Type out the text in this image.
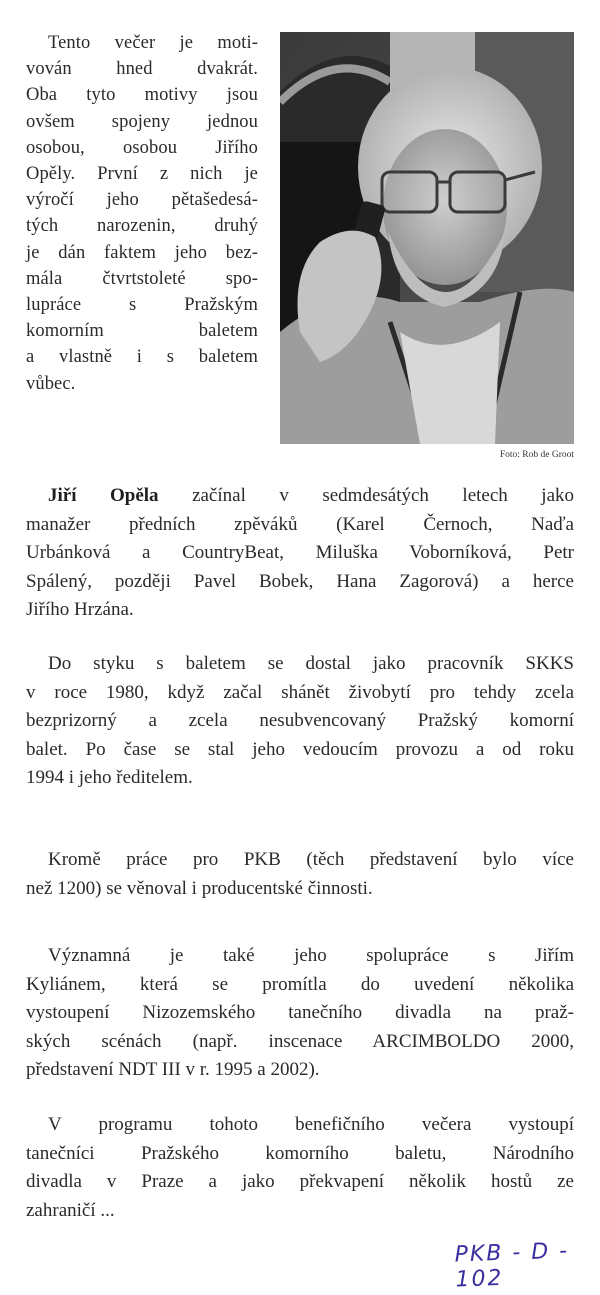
Tento večer je moti-
vován hned dvakrát.
Oba tyto motivy jsou
ovšem spojeny jednou
osobou, osobou Jiřího
Opěly. První z nich je
výročí jeho pětašedesá-
tých narozenin, druhý
je dán faktem jeho bez-
mála čtvrtstoleté spo-
lupráce s Pražským
komorním baletem
a vlastně i s baletem
vůbec.
Foto: Rob de Groot
Jiří Opěla začínal v sedmdesátých letech jako
manažer předních zpěváků (Karel Černoch, Naďa
Urbánková a CountryBeat, Miluška Voborníková, Petr
Spálený, později Pavel Bobek, Hana Zagorová) a herce
Jiřího Hrzána.
Do styku s baletem se dostal jako pracovník SKKS
v roce 1980, když začal shánět živobytí pro tehdy zcela
bezprizorný a zcela nesubvencovaný Pražský komorní
balet. Po čase se stal jeho vedoucím provozu a od roku
1994 i jeho ředitelem.
Kromě práce pro PKB (těch představení bylo více
než 1200) se věnoval i producentské činnosti.
Významná je také jeho spolupráce s Jiřím
Kyliánem, která se promítla do uvedení několika
vystoupení Nizozemského tanečního divadla na praž-
ských scénách (např. inscenace ARCIMBOLDO 2000,
představení NDT III v r. 1995 a 2002).
V programu tohoto benefičního večera vystoupí
tanečníci Pražského komorního baletu, Národního
divadla v Praze a jako překvapení několik hostů ze
zahraničí ...
PKB - D - 102
